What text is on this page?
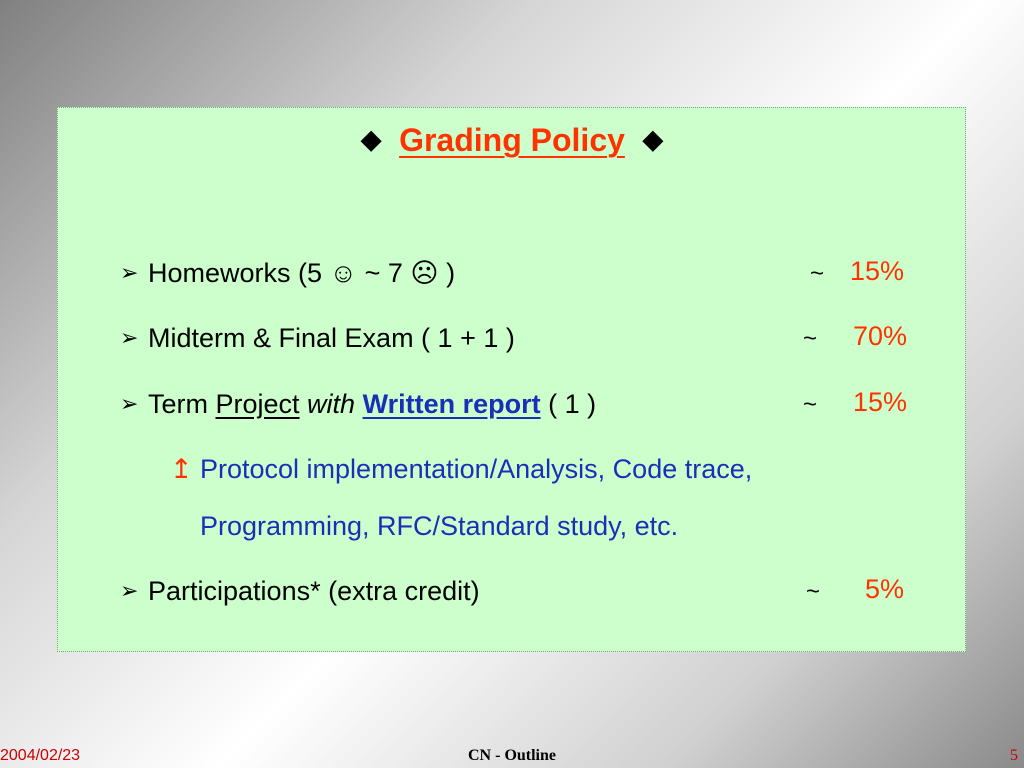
◆ Grading Policy ◆
➢ Homeworks (5 ☺ ~ 7 ☹ )	~ 15%
➢ Midterm & Final Exam ( 1 + 1 )	~ 70%
➢ Term Project with Written report ( 1 )	~ 15%
↥ Protocol implementation/Analysis, Code trace,
Programming, RFC/Standard study, etc.
➢ Participations* (extra credit)	~ 5%
2004/02/23	CN - Outline	5
